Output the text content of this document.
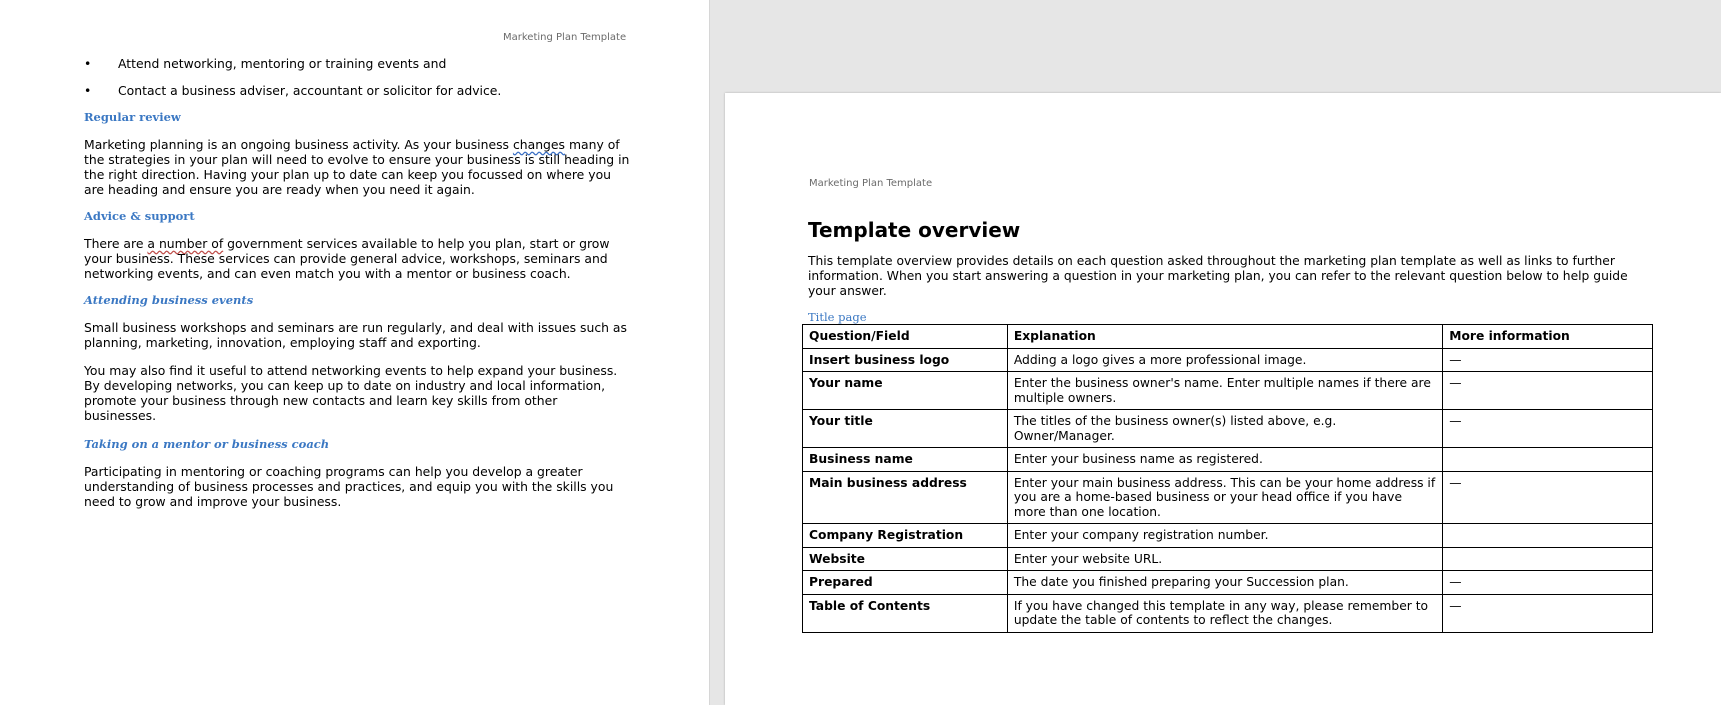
Marketing Plan Template
•	Attend networking, mentoring or training events and
•	Contact a business adviser, accountant or solicitor for advice.

Regular review

Marketing planning is an ongoing business activity. As your business changes many of the strategies in your plan will need to evolve to ensure your business is still heading in the right direction. Having your plan up to date can keep you focussed on where you are heading and ensure you are ready when you need it again.

Advice & support

There are a number of government services available to help you plan, start or grow your business. These services can provide general advice, workshops, seminars and networking events, and can even match you with a mentor or business coach.

Attending business events

Small business workshops and seminars are run regularly, and deal with issues such as planning, marketing, innovation, employing staff and exporting.

You may also find it useful to attend networking events to help expand your business. By developing networks, you can keep up to date on industry and local information, promote your business through new contacts and learn key skills from other businesses.

Taking on a mentor or business coach

Participating in mentoring or coaching programs can help you develop a greater understanding of business processes and practices, and equip you with the skills you need to grow and improve your business.

Marketing Plan Template
Template overview

This template overview provides details on each question asked throughout the marketing plan template as well as links to further information. When you start answering a question in your marketing plan, you can refer to the relevant question below to help guide your answer.

Title page

Question/Field	Explanation	More information
Insert business logo	Adding a logo gives a more professional image.	—
Your name	Enter the business owner's name. Enter multiple names if there are multiple owners.	—
Your title	The titles of the business owner(s) listed above, e.g. Owner/Manager.	—
Business name	Enter your business name as registered.	
Main business address	Enter your main business address. This can be your home address if you are a home-based business or your head office if you have more than one location.	—
Company Registration	Enter your company registration number.	
Website	Enter your website URL.	
Prepared	The date you finished preparing your Succession plan.	—
Table of Contents	If you have changed this template in any way, please remember to update the table of contents to reflect the changes.	—
